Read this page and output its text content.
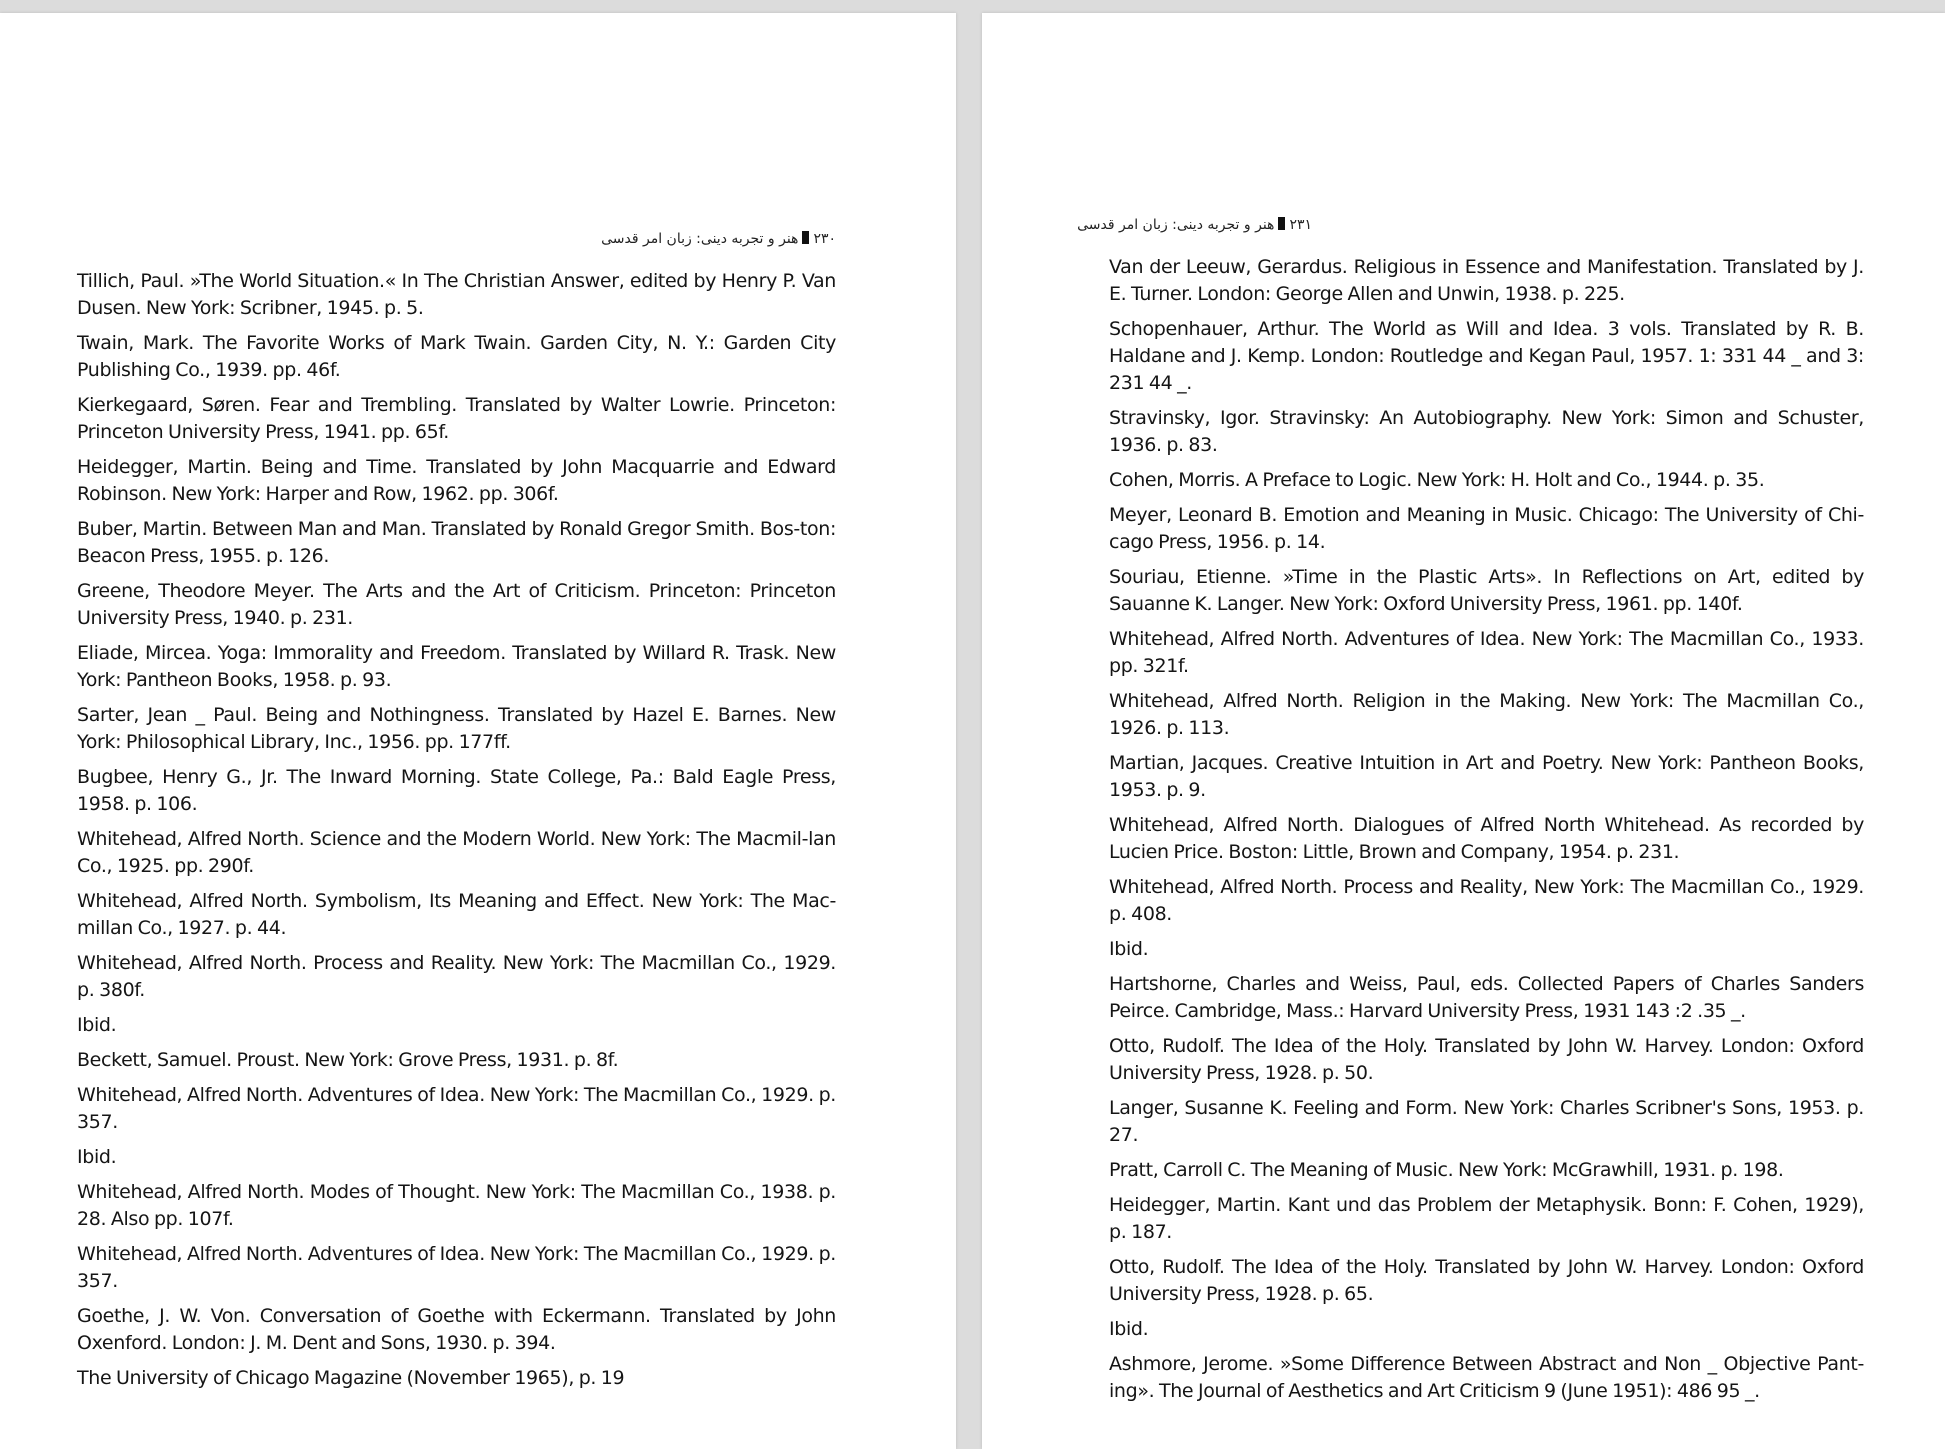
۲۳۰هنر و تجربه دینی: زبان امر قدسی
Tillich, Paul. »The World Situation.« In The Christian Answer, edited by Henry P. Van Dusen. New York: Scribner, 1945. p. 5.
Twain, Mark. The Favorite Works of Mark Twain. Garden City, N. Y.: Garden City Publishing Co., 1939. pp. 46f.
Kierkegaard, Søren. Fear and Trembling. Translated by Walter Lowrie. Princeton: Princeton University Press, 1941. pp. 65f.
Heidegger, Martin. Being and Time. Translated by John Macquarrie and Edward Robinson. New York: Harper and Row, 1962. pp. 306f.
Buber, Martin. Between Man and Man. Translated by Ronald Gregor Smith. Bos-ton: Beacon Press, 1955. p. 126.
Greene, Theodore Meyer. The Arts and the Art of Criticism. Princeton: Princeton University Press, 1940. p. 231.
Eliade, Mircea. Yoga: Immorality and Freedom. Translated by Willard R. Trask. New York: Pantheon Books, 1958. p. 93.
Sarter, Jean _ Paul. Being and Nothingness. Translated by Hazel E. Barnes. New York: Philosophical Library, Inc., 1956. pp. 177ff.
Bugbee, Henry G., Jr. The Inward Morning. State College, Pa.: Bald Eagle Press, 1958. p. 106.
Whitehead, Alfred North. Science and the Modern World. New York: The Macmil-lan Co., 1925. pp. 290f.
Whitehead, Alfred North. Symbolism, Its Meaning and Effect. New York: The Mac-millan Co., 1927. p. 44.
Whitehead, Alfred North. Process and Reality. New York: The Macmillan Co., 1929. p. 380f.
Ibid.
Beckett, Samuel. Proust. New York: Grove Press, 1931. p. 8f.
Whitehead, Alfred North. Adventures of Idea. New York: The Macmillan Co., 1929. p. 357.
Ibid.
Whitehead, Alfred North. Modes of Thought. New York: The Macmillan Co., 1938. p. 28. Also pp. 107f.
Whitehead, Alfred North. Adventures of Idea. New York: The Macmillan Co., 1929. p. 357.
Goethe, J. W. Von. Conversation of Goethe with Eckermann. Translated by John Oxenford. London: J. M. Dent and Sons, 1930. p. 394.
The University of Chicago Magazine (November 1965), p. 19
۲۳۱هنر و تجربه دینی: زبان امر قدسی
Van der Leeuw, Gerardus. Religious in Essence and Manifestation. Translated by J. E. Turner. London: George Allen and Unwin, 1938. p. 225.
Schopenhauer, Arthur. The World as Will and Idea. 3 vols. Translated by R. B. Haldane and J. Kemp. London: Routledge and Kegan Paul, 1957. 1: 331 44 _ and 3: 231 44 _.
Stravinsky, Igor. Stravinsky: An Autobiography. New York: Simon and Schuster, 1936. p. 83.
Cohen, Morris. A Preface to Logic. New York: H. Holt and Co., 1944. p. 35.
Meyer, Leonard B. Emotion and Meaning in Music. Chicago: The University of Chi-cago Press, 1956. p. 14.
Souriau, Etienne. »Time in the Plastic Arts». In Reflections on Art, edited by Sauanne K. Langer. New York: Oxford University Press, 1961. pp. 140f.
Whitehead, Alfred North. Adventures of Idea. New York: The Macmillan Co., 1933. pp. 321f.
Whitehead, Alfred North. Religion in the Making. New York: The Macmillan Co., 1926. p. 113.
Martian, Jacques. Creative Intuition in Art and Poetry. New York: Pantheon Books, 1953. p. 9.
Whitehead, Alfred North. Dialogues of Alfred North Whitehead. As recorded by Lucien Price. Boston: Little, Brown and Company, 1954. p. 231.
Whitehead, Alfred North. Process and Reality, New York: The Macmillan Co., 1929. p. 408.
Ibid.
Hartshorne, Charles and Weiss, Paul, eds. Collected Papers of Charles Sanders Peirce. Cambridge, Mass.: Harvard University Press, 1931 143 :2 .35 _.
Otto, Rudolf. The Idea of the Holy. Translated by John W. Harvey. London: Oxford University Press, 1928. p. 50.
Langer, Susanne K. Feeling and Form. New York: Charles Scribner's Sons, 1953. p. 27.
Pratt, Carroll C. The Meaning of Music. New York: McGrawhill, 1931. p. 198.
Heidegger, Martin. Kant und das Problem der Metaphysik. Bonn: F. Cohen, 1929), p. 187.
Otto, Rudolf. The Idea of the Holy. Translated by John W. Harvey. London: Oxford University Press, 1928. p. 65.
Ibid.
Ashmore, Jerome. »Some Difference Between Abstract and Non _ Objective Pant-ing». The Journal of Aesthetics and Art Criticism 9 (June 1951): 486 95 _.
